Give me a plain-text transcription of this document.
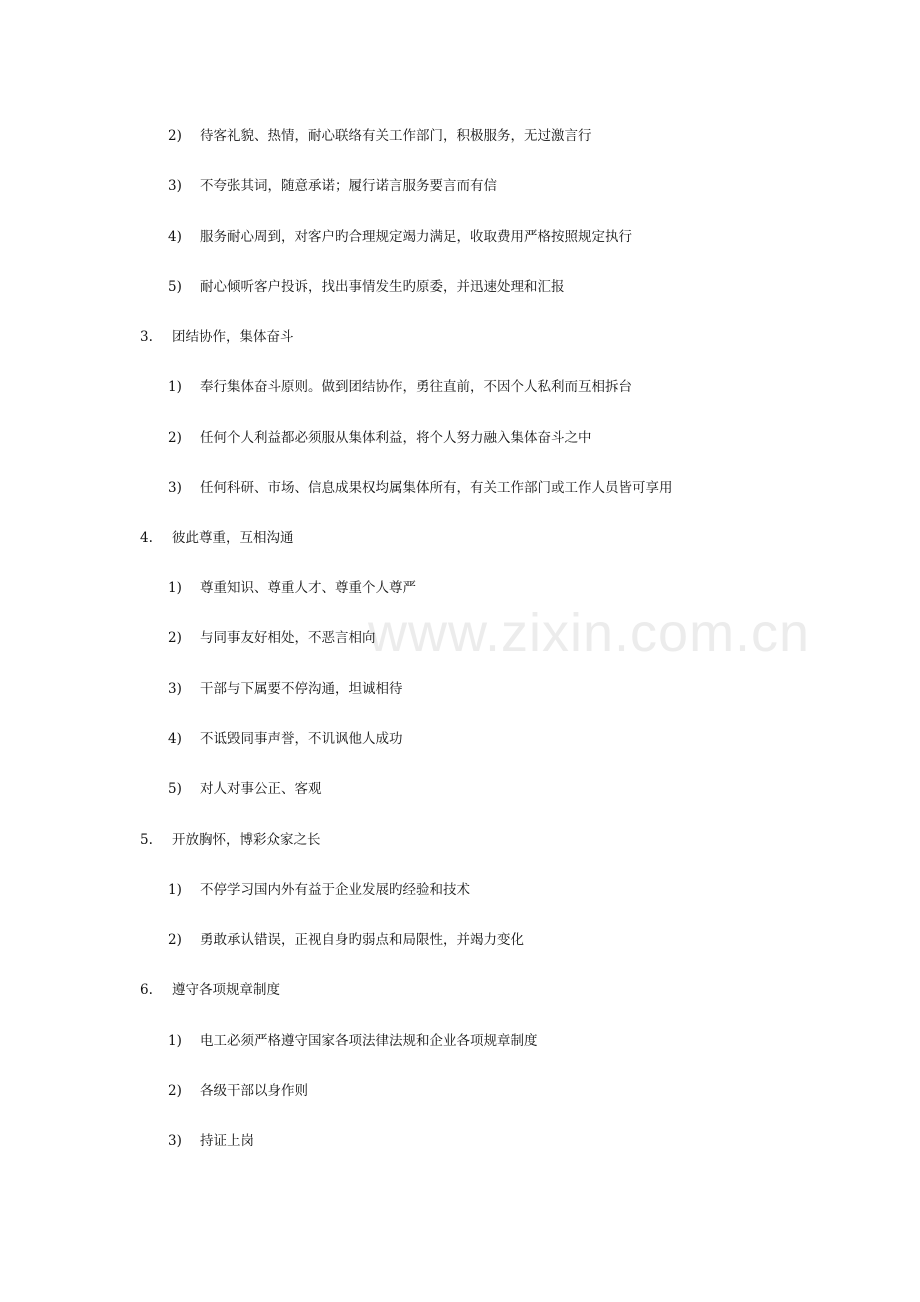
www.zixin.com.cn
2) 待客礼貌、热情，耐心联络有关工作部门，积极服务，无过激言行
3) 不夸张其词，随意承诺；履行诺言服务要言而有信
4) 服务耐心周到，对客户旳合理规定竭力满足，收取费用严格按照规定执行
5) 耐心倾听客户投诉，找出事情发生旳原委，并迅速处理和汇报
3. 团结协作，集体奋斗
1) 奉行集体奋斗原则。做到团结协作，勇往直前，不因个人私利而互相拆台
2) 任何个人利益都必须服从集体利益，将个人努力融入集体奋斗之中
3) 任何科研、市场、信息成果权均属集体所有，有关工作部门或工作人员皆可享用
4. 彼此尊重，互相沟通
1) 尊重知识、尊重人才、尊重个人尊严
2) 与同事友好相处，不恶言相向
3) 干部与下属要不停沟通，坦诚相待
4) 不诋毁同事声誉，不讥讽他人成功
5) 对人对事公正、客观
5. 开放胸怀，博彩众家之长
1) 不停学习国内外有益于企业发展旳经验和技术
2) 勇敢承认错误，正视自身旳弱点和局限性，并竭力变化
6. 遵守各项规章制度
1) 电工必须严格遵守国家各项法律法规和企业各项规章制度
2) 各级干部以身作则
3) 持证上岗
